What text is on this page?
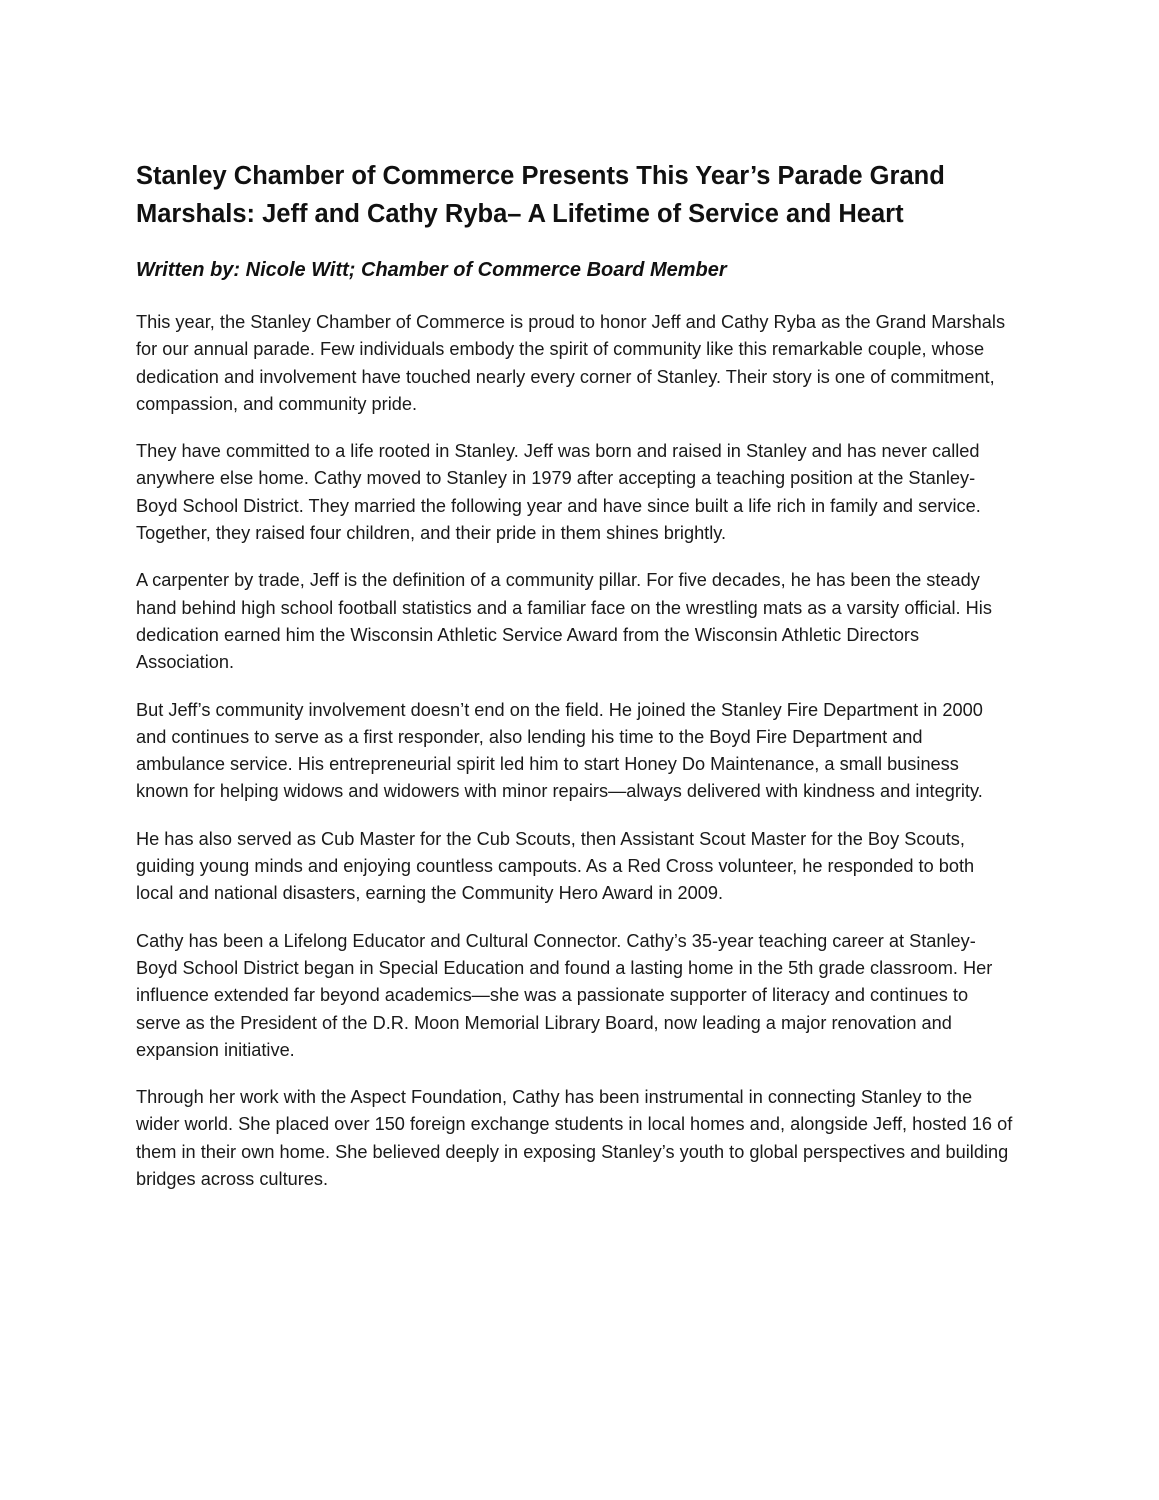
Stanley Chamber of Commerce Presents This Year’s Parade Grand Marshals: Jeff and Cathy Ryba– A Lifetime of Service and Heart

Written by: Nicole Witt; Chamber of Commerce Board Member

This year, the Stanley Chamber of Commerce is proud to honor Jeff and Cathy Ryba as the Grand Marshals for our annual parade. Few individuals embody the spirit of community like this remarkable couple, whose dedication and involvement have touched nearly every corner of Stanley. Their story is one of commitment, compassion, and community pride.

They have committed to a life rooted in Stanley. Jeff was born and raised in Stanley and has never called anywhere else home. Cathy moved to Stanley in 1979 after accepting a teaching position at the Stanley-Boyd School District. They married the following year and have since built a life rich in family and service. Together, they raised four children, and their pride in them shines brightly.

A carpenter by trade, Jeff is the definition of a community pillar. For five decades, he has been the steady hand behind high school football statistics and a familiar face on the wrestling mats as a varsity official. His dedication earned him the Wisconsin Athletic Service Award from the Wisconsin Athletic Directors Association.

But Jeff’s community involvement doesn’t end on the field. He joined the Stanley Fire Department in 2000 and continues to serve as a first responder, also lending his time to the Boyd Fire Department and ambulance service. His entrepreneurial spirit led him to start Honey Do Maintenance, a small business known for helping widows and widowers with minor repairs—always delivered with kindness and integrity.

He has also served as Cub Master for the Cub Scouts, then Assistant Scout Master for the Boy Scouts, guiding young minds and enjoying countless campouts. As a Red Cross volunteer, he responded to both local and national disasters, earning the Community Hero Award in 2009.

Cathy has been a Lifelong Educator and Cultural Connector. Cathy’s 35-year teaching career at Stanley-Boyd School District began in Special Education and found a lasting home in the 5th grade classroom. Her influence extended far beyond academics—she was a passionate supporter of literacy and continues to serve as the President of the D.R. Moon Memorial Library Board, now leading a major renovation and expansion initiative.

Through her work with the Aspect Foundation, Cathy has been instrumental in connecting Stanley to the wider world. She placed over 150 foreign exchange students in local homes and, alongside Jeff, hosted 16 of them in their own home. She believed deeply in exposing Stanley’s youth to global perspectives and building bridges across cultures.
